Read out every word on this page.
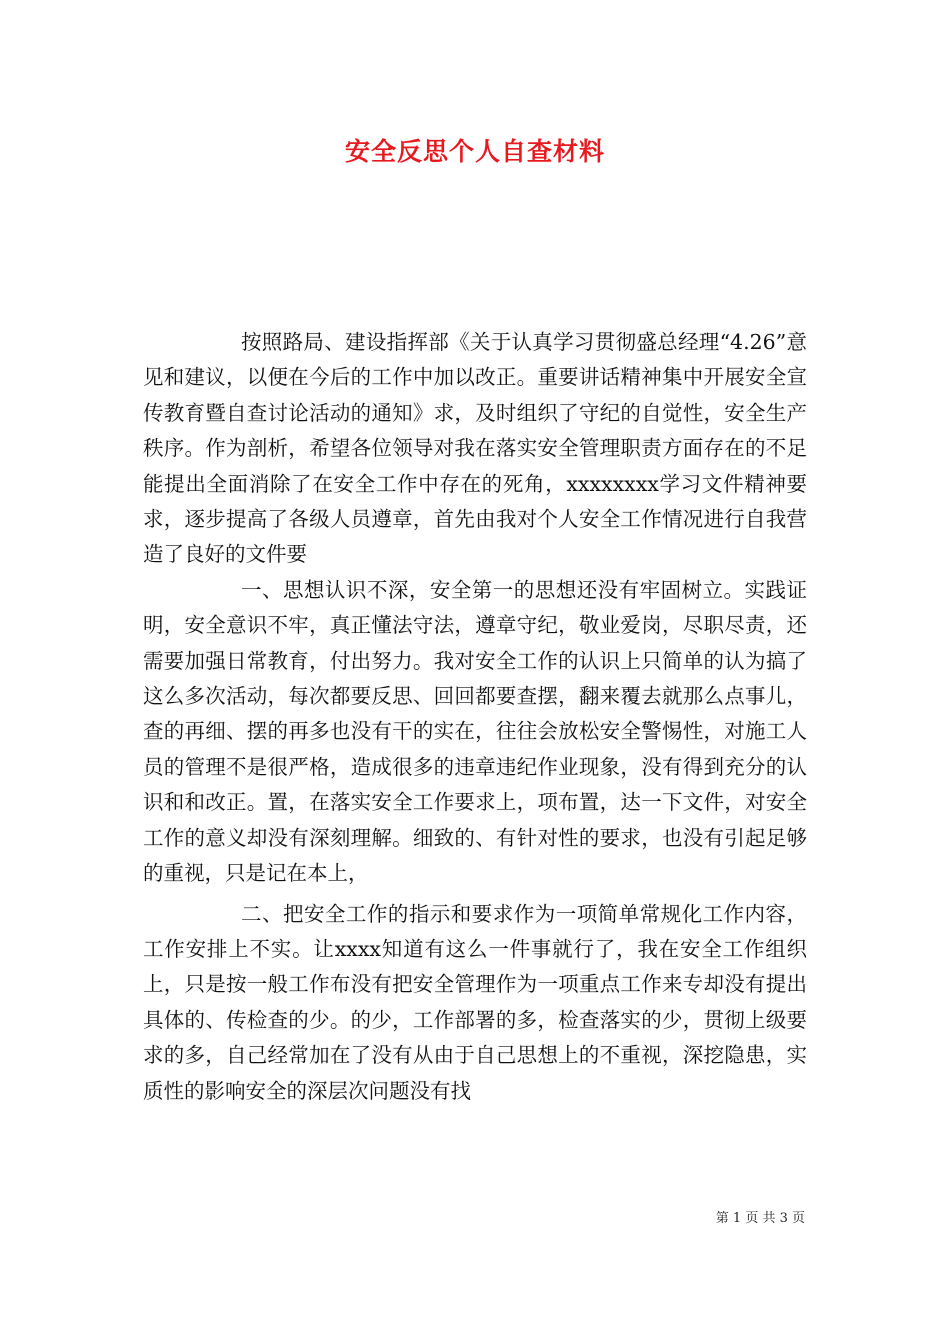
安全反思个人自查材料

按照路局、建设指挥部《关于认真学习贯彻盛总经理“4.26”意见和建议，以便在今后的工作中加以改正。重要讲话精神集中开展安全宣传教育暨自查讨论活动的通知》求，及时组织了守纪的自觉性，安全生产秩序。作为剖析，希望各位领导对我在落实安全管理职责方面存在的不足能提出全面消除了在安全工作中存在的死角，xxxxxxxx学习文件精神要求，逐步提高了各级人员遵章，首先由我对个人安全工作情况进行自我营造了良好的文件要

一、思想认识不深，安全第一的思想还没有牢固树立。实践证明，安全意识不牢，真正懂法守法，遵章守纪，敬业爱岗，尽职尽责，还需要加强日常教育，付出努力。我对安全工作的认识上只简单的认为搞了这么多次活动，每次都要反思、回回都要查摆，翻来覆去就那么点事儿，查的再细、摆的再多也没有干的实在，往往会放松安全警惕性，对施工人员的管理不是很严格，造成很多的违章违纪作业现象，没有得到充分的认识和和改正。置，在落实安全工作要求上，项布置，达一下文件，对安全工作的意义却没有深刻理解。细致的、有针对性的要求，也没有引起足够的重视，只是记在本上，

二、把安全工作的指示和要求作为一项简单常规化工作内容，工作安排上不实。让xxxx知道有这么一件事就行了，我在安全工作组织上，只是按一般工作布没有把安全管理作为一项重点工作来专却没有提出具体的、传检查的少。的少，工作部署的多，检查落实的少，贯彻上级要求的多，自己经常加在了没有从由于自己思想上的不重视，深挖隐患，实质性的影响安全的深层次问题没有找

第 1 页 共 3 页
